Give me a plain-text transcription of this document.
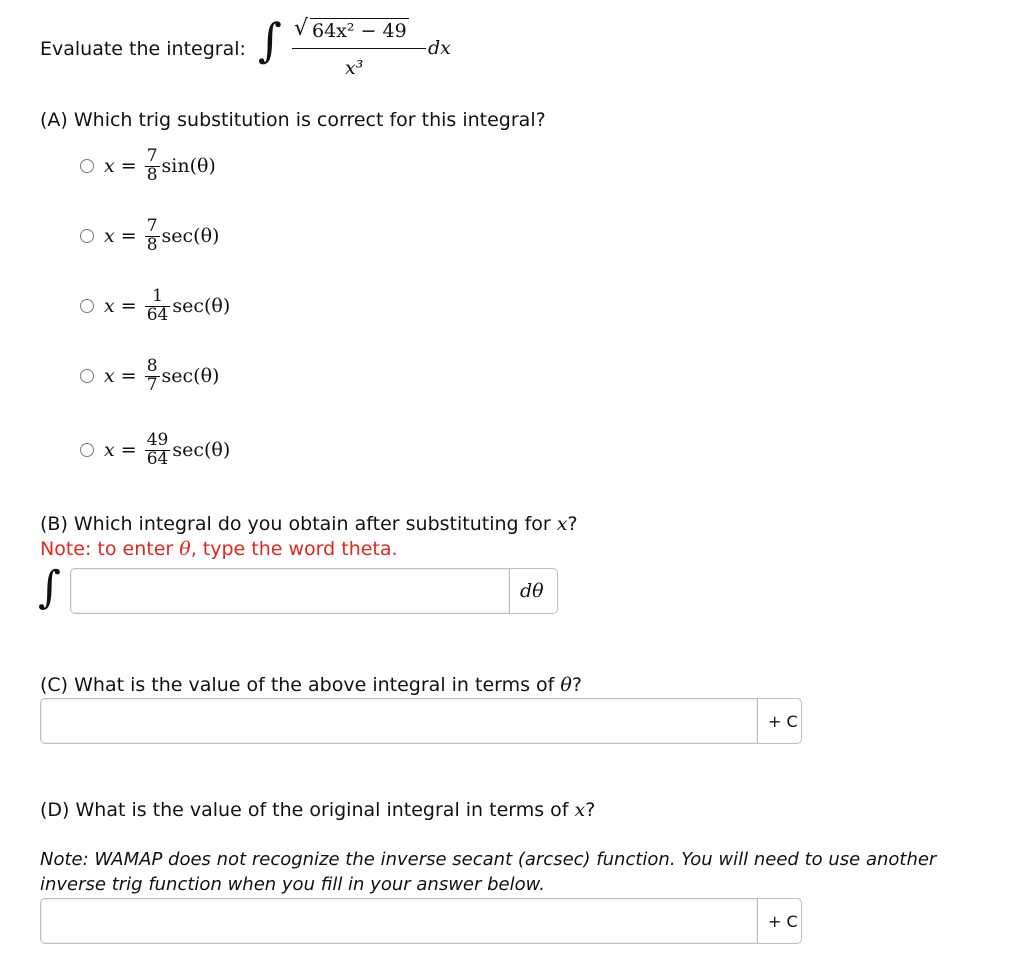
Evaluate the integral: ∫ √ 64x² − 49
x³
dx
(A) Which trig substitution is correct for this integral?
$x = \frac{7}{8} \sin(\theta)$
$x = \frac{7}{8} \sec(\theta)$
$x = \frac{1}{64} \sec(\theta)$
$x = \frac{8}{7} \sec(\theta)$
$x = \frac{49}{64} \sec(\theta)$
(B) Which integral do you obtain after substituting for x?
Note: to enter θ, type the word theta.
∫	dθ
(C) What is the value of the above integral in terms of θ?
+ C
(D) What is the value of the original integral in terms of x?
Note: WAMAP does not recognize the inverse secant (arcsec) function. You will need to use another
inverse trig function when you fill in your answer below.
+ C
